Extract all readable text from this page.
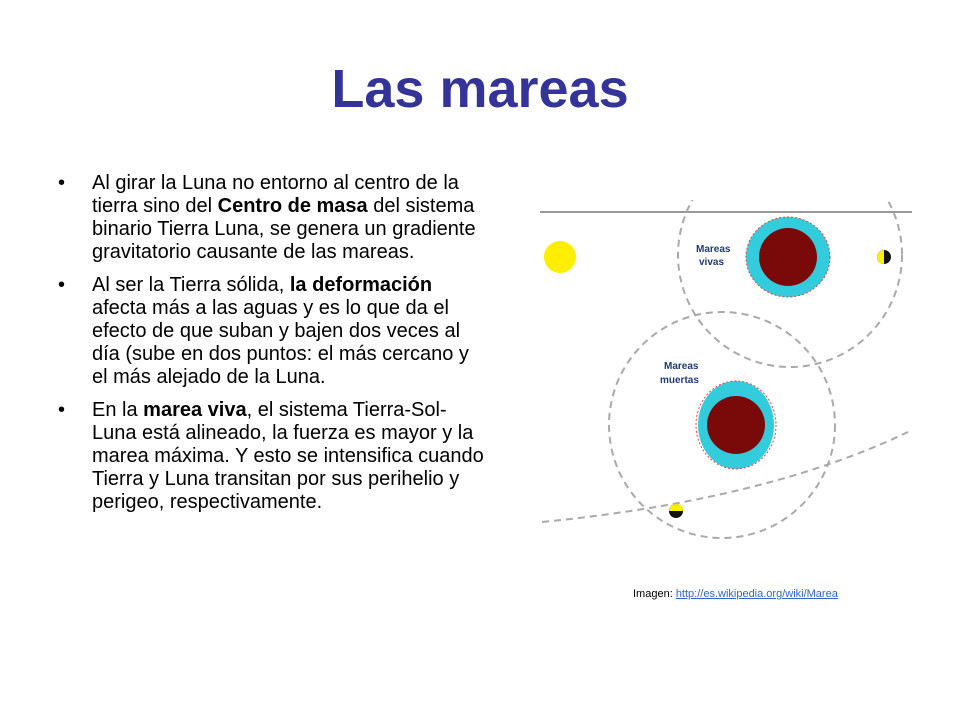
Las mareas
• Al girar la Luna no entorno al centro de la tierra sino del Centro de masa del sistema binario Tierra Luna, se genera un gradiente gravitatorio causante de las mareas.
• Al ser la Tierra sólida, la deformación afecta más a las aguas y es lo que da el efecto de que suban y bajen dos veces al día (sube en dos puntos: el más cercano y el más alejado de la Luna.
• En la marea viva, el sistema Tierra-Sol-Luna está alineado, la fuerza es mayor y la marea máxima. Y esto se intensifica cuando Tierra y Luna transitan por sus perihelio y perigeo, respectivamente.
Mareas
vivas
Mareas
muertas
Imagen: http://es.wikipedia.org/wiki/Marea
